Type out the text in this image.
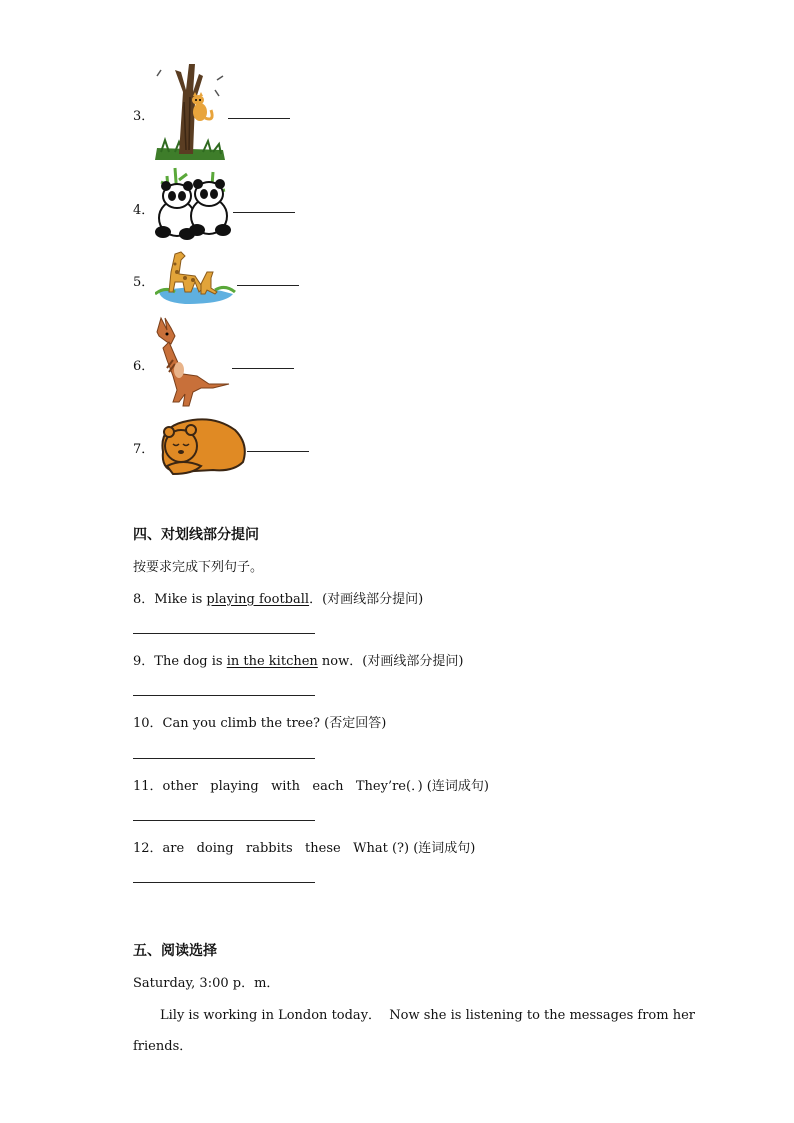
3．
4．
5．
6．
7．
四、对划线部分提问
按要求完成下列句子。
8．Mike is playing football．(对画线部分提问)
9．The dog is in the kitchen now．(对画线部分提问)
10．Can you climb the tree? (否定回答)
11．other   playing   with   each   They’re(．) (连词成句)
12．are   doing   rabbits   these   What (?) (连词成句)
五、阅读选择
Saturday, 3:00 p．m．
Lily is working in London today．  Now she is listening to the messages from her
friends．
